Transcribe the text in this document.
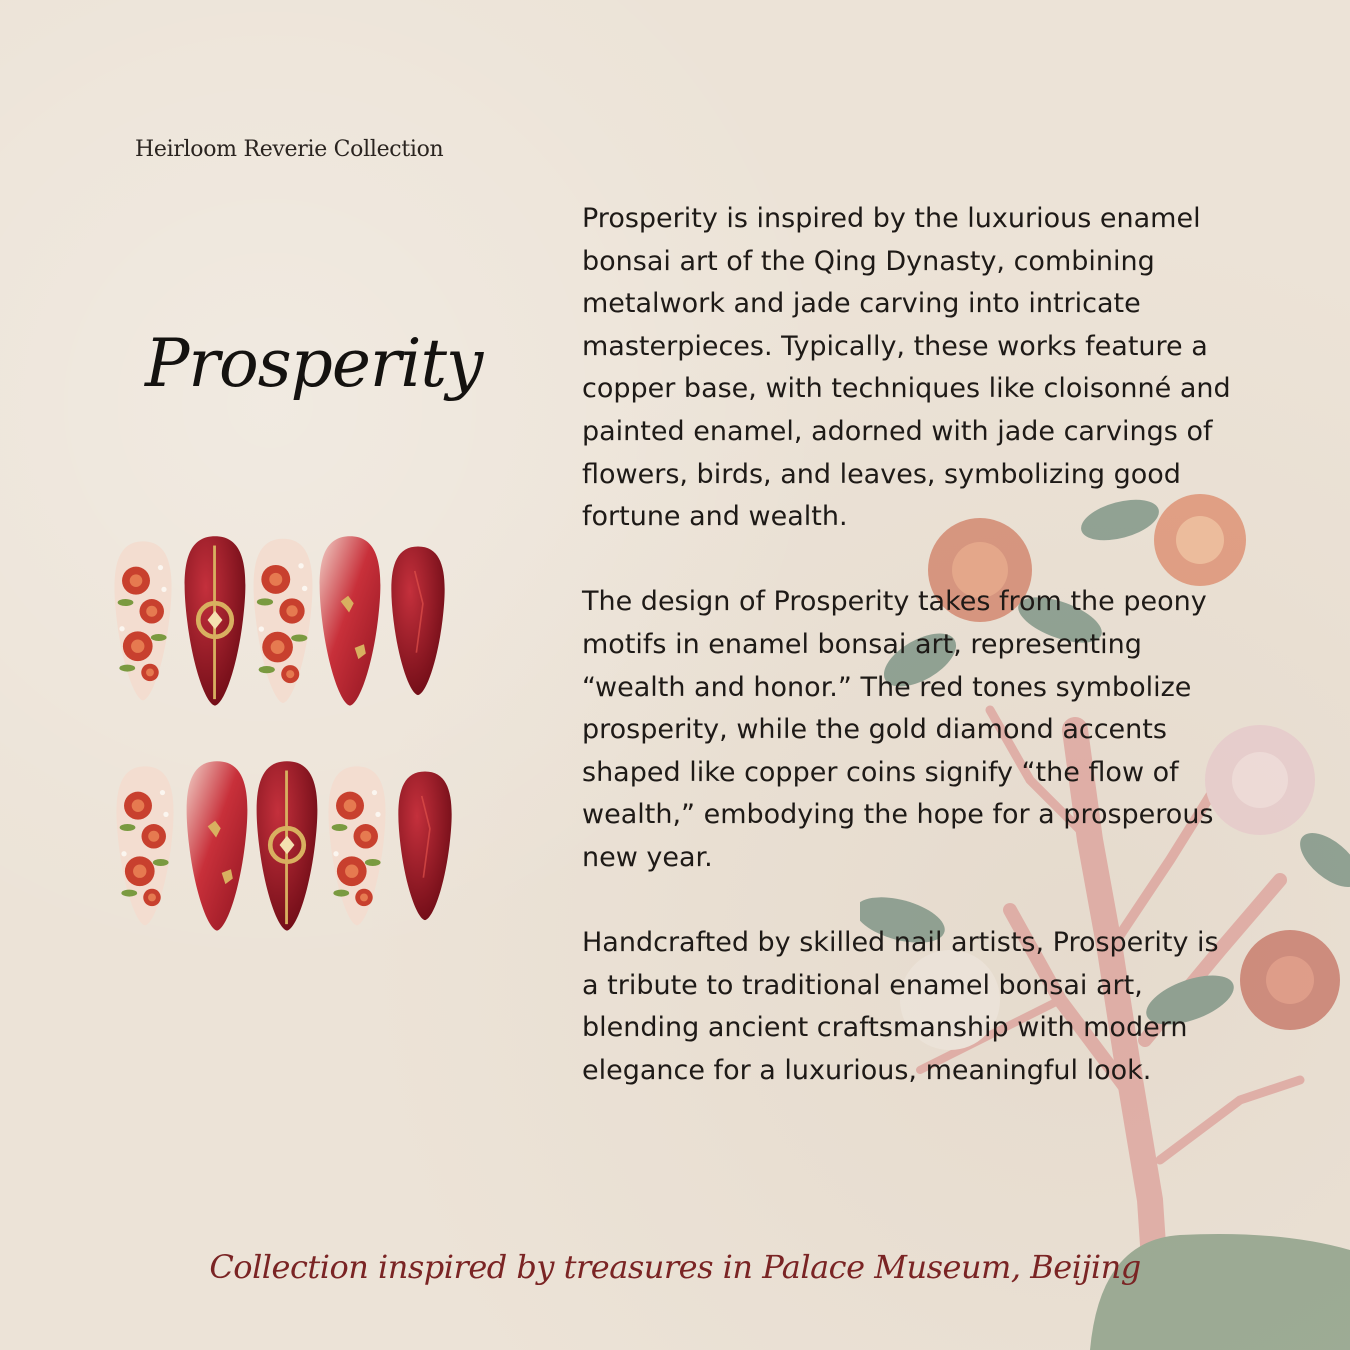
Heirloom Reverie Collection
Prosperity

Prosperity is inspired by the luxurious enamel bonsai art of the Qing Dynasty, combining metalwork and jade carving into intricate masterpieces. Typically, these works feature a copper base, with techniques like cloisonné and painted enamel, adorned with jade carvings of flowers, birds, and leaves, symbolizing good fortune and wealth.

The design of Prosperity takes from the peony motifs in enamel bonsai art, representing “wealth and honor.” The red tones symbolize prosperity, while the gold diamond accents shaped like copper coins signify “the flow of wealth,” embodying the hope for a prosperous new year.

Handcrafted by skilled nail artists, Prosperity is a tribute to traditional enamel bonsai art, blending ancient craftsmanship with modern elegance for a luxurious, meaningful look.

Collection inspired by treasures in Palace Museum, Beijing
